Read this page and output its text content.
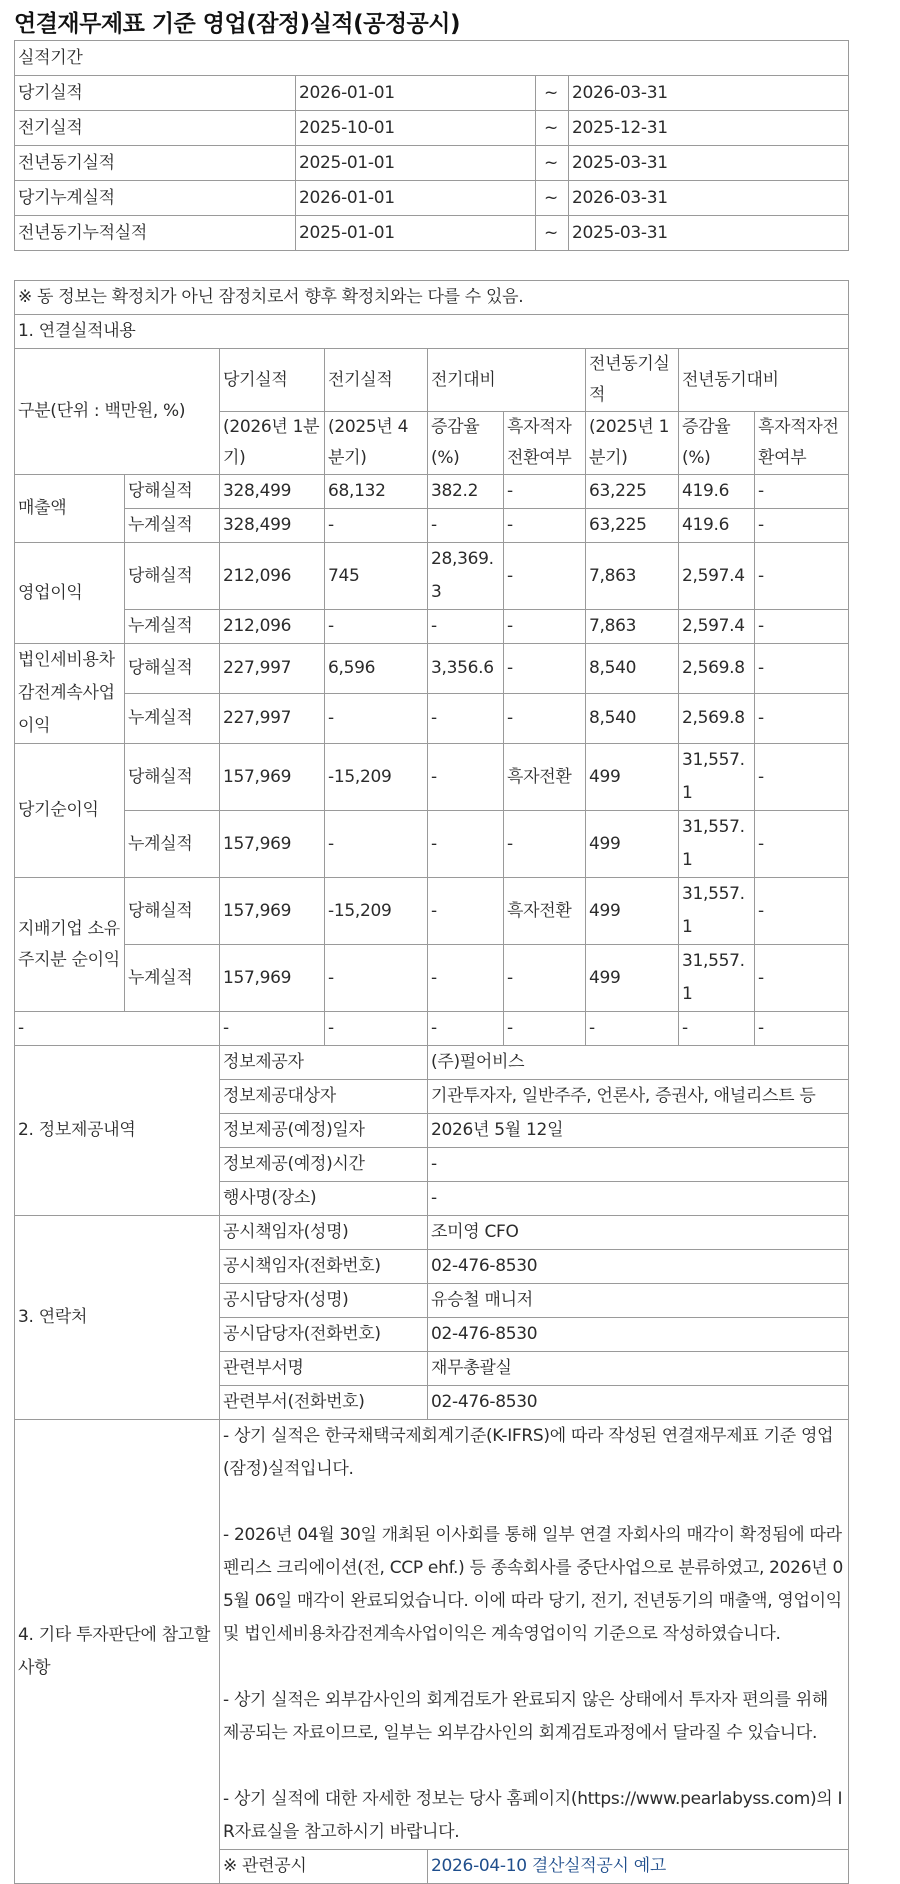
연결재무제표 기준 영업(잠정)실적(공정공시)
실적기간			
당기실적	2026-01-01	~	2026-03-31
전기실적	2025-10-01	~	2025-12-31
전년동기실적	2025-01-01	~	2025-03-31
당기누계실적	2026-01-01	~	2026-03-31
전년동기누적실적	2025-01-01	~	2025-03-31
※ 동 정보는 확정치가 아닌 잠정치로서 향후 확정치와는 다를 수 있음.								
1. 연결실적내용								
구분(단위 : 백만원, %)		당기실적	전기실적	전기대비		전년동기실적	전년동기대비	
		(2026년 1분기)	(2025년 4분기)	증감율(%)	흑자적자전환여부	(2025년 1분기)	증감율(%)	흑자적자전환여부
매출액	당해실적	328,499	68,132	382.2	-	63,225	419.6	-
	누계실적	328,499	-	-	-	63,225	419.6	-
영업이익	당해실적	212,096	745	28,369.3	-	7,863	2,597.4	-
	누계실적	212,096	-	-	-	7,863	2,597.4	-
법인세비용차감전계속사업이익	당해실적	227,997	6,596	3,356.6	-	8,540	2,569.8	-
	누계실적	227,997	-	-	-	8,540	2,569.8	-
당기순이익	당해실적	157,969	-15,209	-	흑자전환	499	31,557.1	-
	누계실적	157,969	-	-	-	499	31,557.1	-
지배기업 소유주지분 순이익	당해실적	157,969	-15,209	-	흑자전환	499	31,557.1	-
	누계실적	157,969	-	-	-	499	31,557.1	-
-		-	-	-	-	-	-	-
2. 정보제공내역		정보제공자		(주)펄어비스				
		정보제공대상자		기관투자자, 일반주주, 언론사, 증권사, 애널리스트 등				
		정보제공(예정)일자		2026년 5월 12일				
		정보제공(예정)시간		-				
		행사명(장소)		-				
3. 연락처		공시책임자(성명)		조미영 CFO				
		공시책임자(전화번호)		02-476-8530				
		공시담당자(성명)		유승철 매니저				
		공시담당자(전화번호)		02-476-8530				
		관련부서명		재무총괄실				
		관련부서(전화번호)		02-476-8530				
4. 기타 투자판단에 참고할 사항		- 상기 실적은 한국채택국제회계기준(K-IFRS)에 따라 작성된 연결재무제표 기준 영업(잠정)실적입니다.

- 2026년 04월 30일 개최된 이사회를 통해 일부 연결 자회사의 매각이 확정됨에 따라 펜리스 크리에이션(전, CCP ehf.) 등 종속회사를 중단사업으로 분류하였고, 2026년 05월 06일 매각이 완료되었습니다. 이에 따라 당기, 전기, 전년동기의 매출액, 영업이익 및 법인세비용차감전계속사업이익은 계속영업이익 기준으로 작성하였습니다.

- 상기 실적은 외부감사인의 회계검토가 완료되지 않은 상태에서 투자자 편의를 위해 제공되는 자료이므로, 일부는 외부감사인의 회계검토과정에서 달라질 수 있습니다.

- 상기 실적에 대한 자세한 정보는 당사 홈페이지(https://www.pearlabyss.com)의 IR자료실을 참고하시기 바랍니다.						

		※ 관련공시		2026-04-10 결산실적공시 예고				
